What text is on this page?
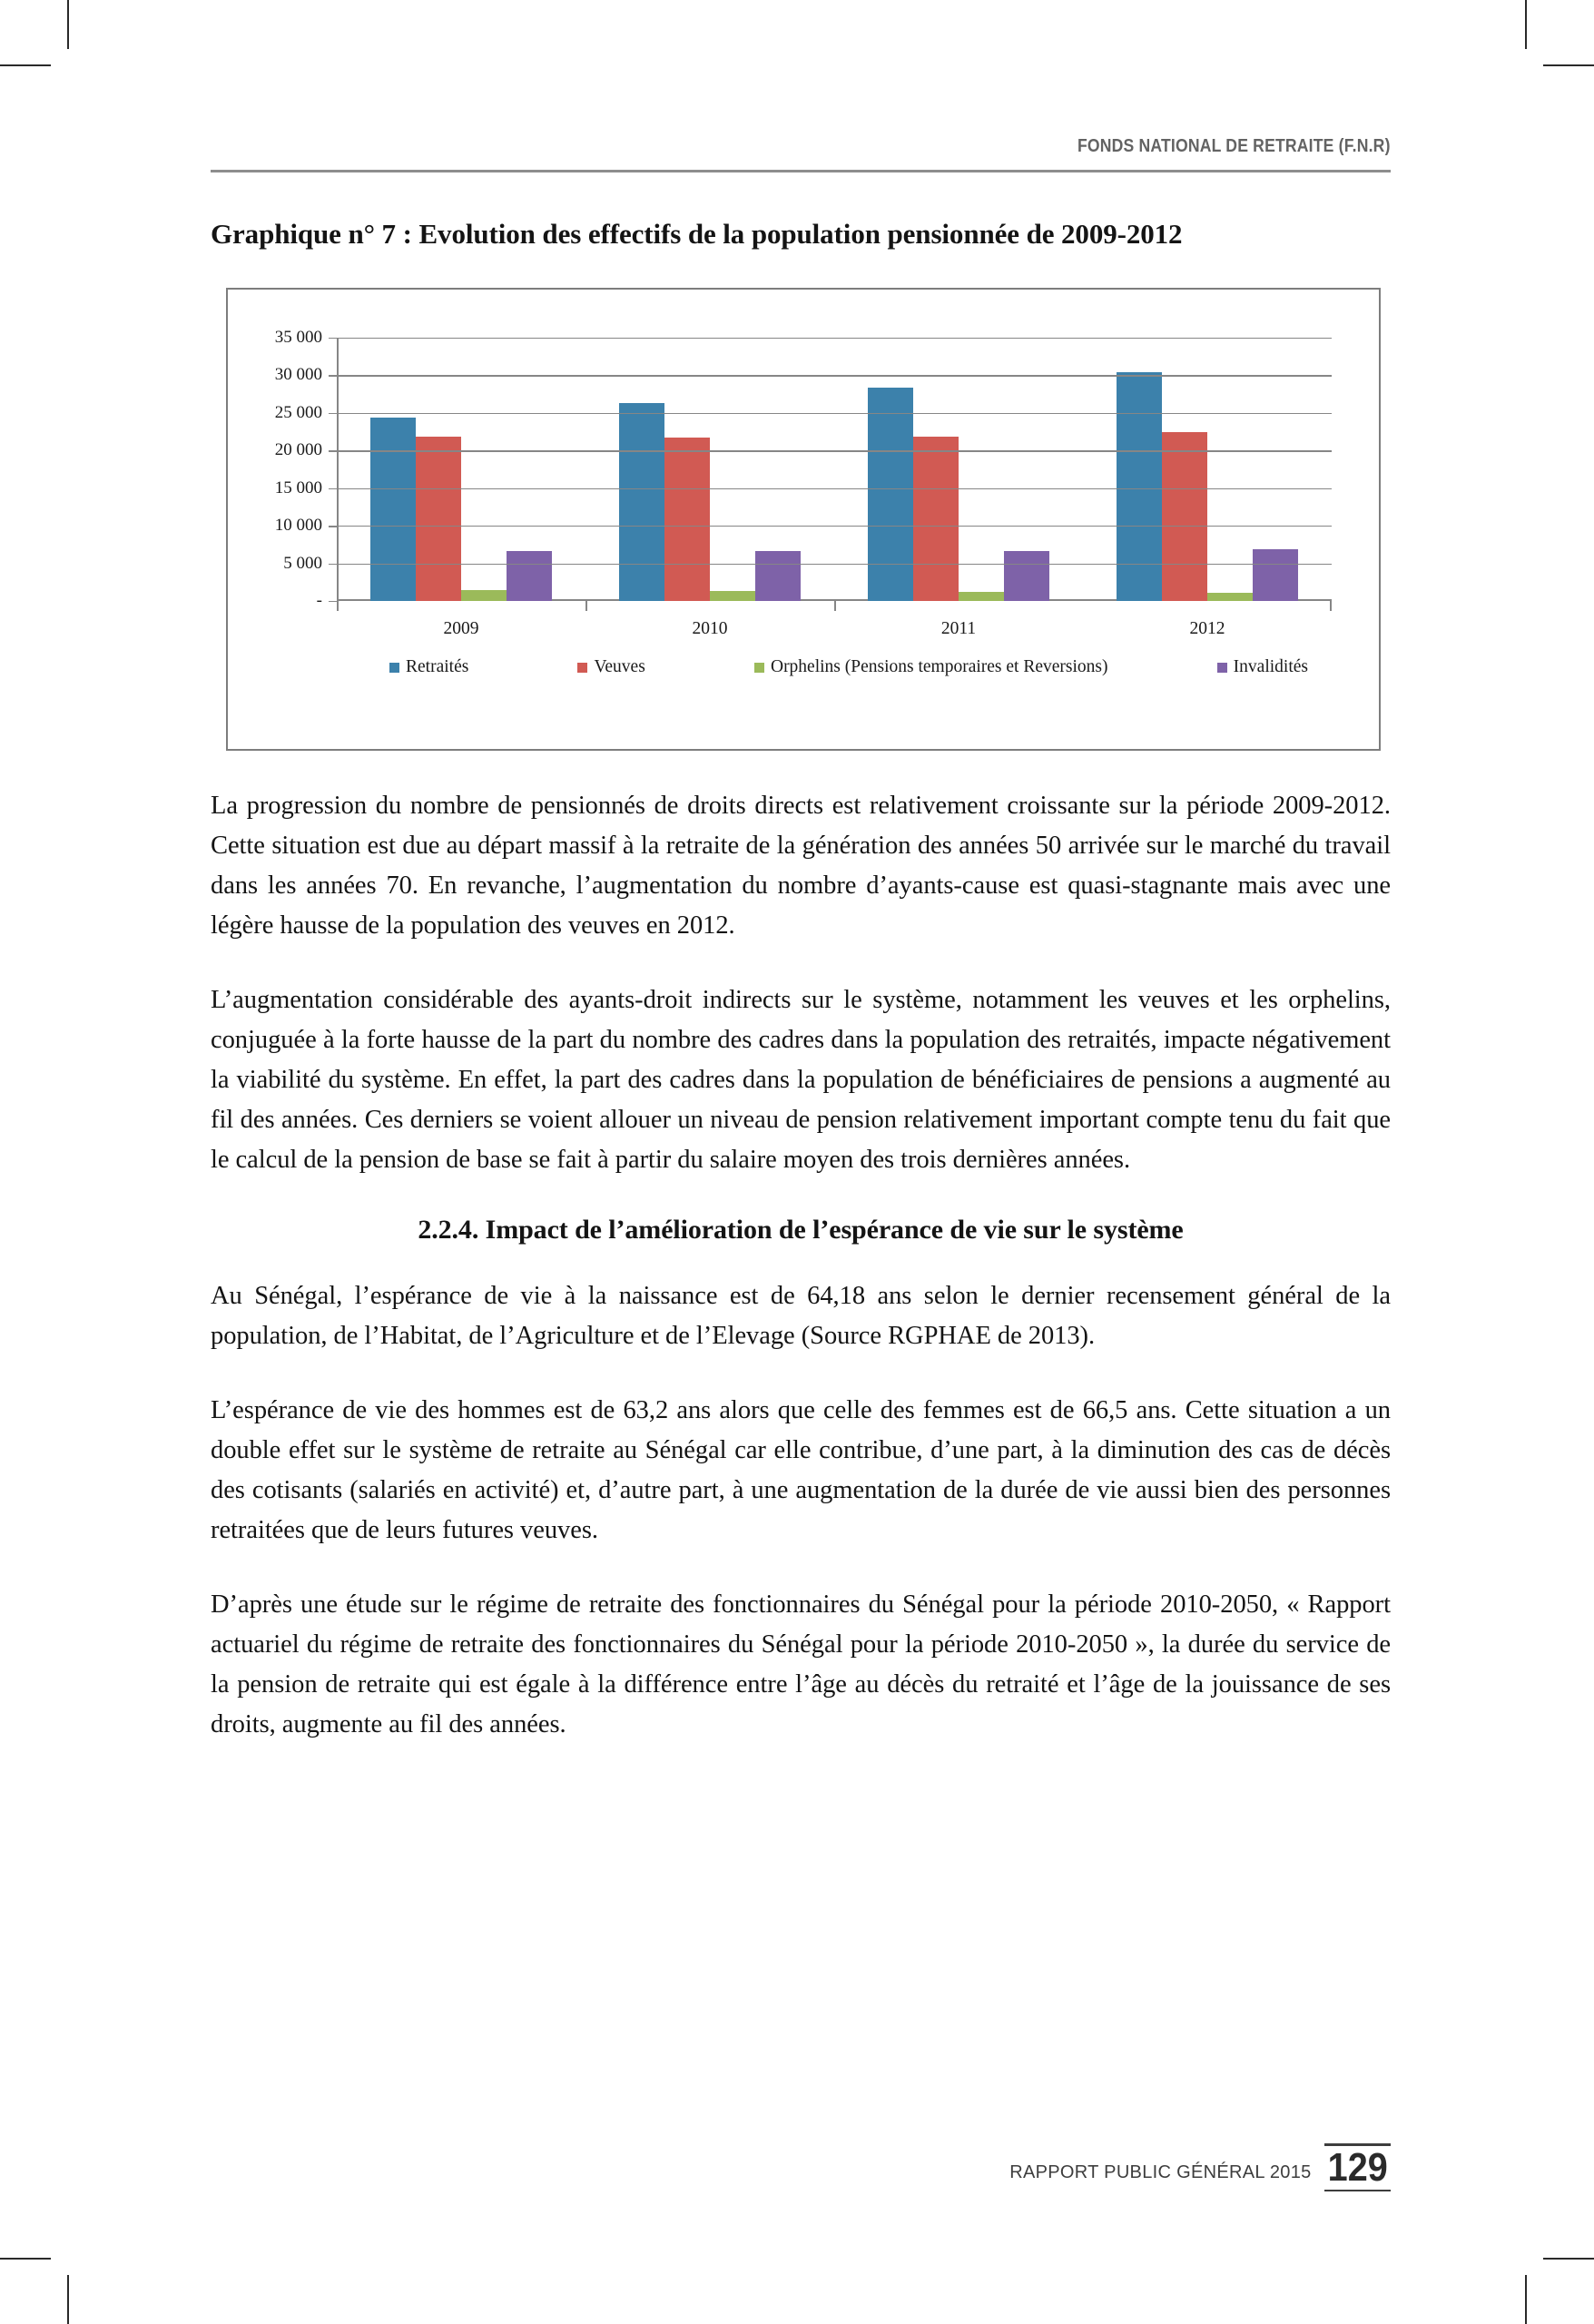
FONDS NATIONAL DE RETRAITE (F.N.R)
Graphique n° 7 : Evolution des effectifs de la population pensionnée de 2009-2012
35 000
30 000
25 000
20 000
15 000
10 000
5 000
-
2009	2010	2011	2012
Retraités	Veuves	Orphelins (Pensions temporaires et Reversions)	Invalidités

La progression du nombre de pensionnés de droits directs est relativement croissante sur la période 2009-2012. Cette situation est due au départ massif à la retraite de la génération des années 50 arrivée sur le marché du travail dans les années 70. En revanche, l’augmentation du nombre d’ayants-cause est quasi-stagnante mais avec une légère hausse de la population des veuves en 2012.

L’augmentation considérable des ayants-droit indirects sur le système, notamment les veuves et les orphelins, conjuguée à la forte hausse de la part du nombre des cadres dans la population des retraités, impacte négativement la viabilité du système. En effet, la part des cadres dans la population de bénéficiaires de pensions a augmenté au fil des années. Ces derniers se voient allouer un niveau de pension relativement important compte tenu du fait que le calcul de la pension de base se fait à partir du salaire moyen des trois dernières années.

2.2.4. Impact de l’amélioration de l’espérance de vie sur le système

Au Sénégal, l’espérance de vie à la naissance est de 64,18 ans selon le dernier recensement général de la population, de l’Habitat, de l’Agriculture et de l’Elevage (Source RGPHAE de 2013).

L’espérance de vie des hommes est de 63,2 ans alors que celle des femmes est de 66,5 ans. Cette situation a un double effet sur le système de retraite au Sénégal car elle contribue, d’une part, à la diminution des cas de décès des cotisants (salariés en activité) et, d’autre part, à une augmentation de la durée de vie aussi bien des personnes retraitées que de leurs futures veuves.

D’après une étude sur le régime de retraite des fonctionnaires du Sénégal pour la période 2010-2050, « Rapport actuariel du régime de retraite des fonctionnaires du Sénégal pour la période 2010-2050 », la durée du service de la pension de retraite qui est égale à la différence entre l’âge au décès du retraité et l’âge de la jouissance de ses droits, augmente au fil des années.

RAPPORT PUBLIC GÉNÉRAL 2015 129
